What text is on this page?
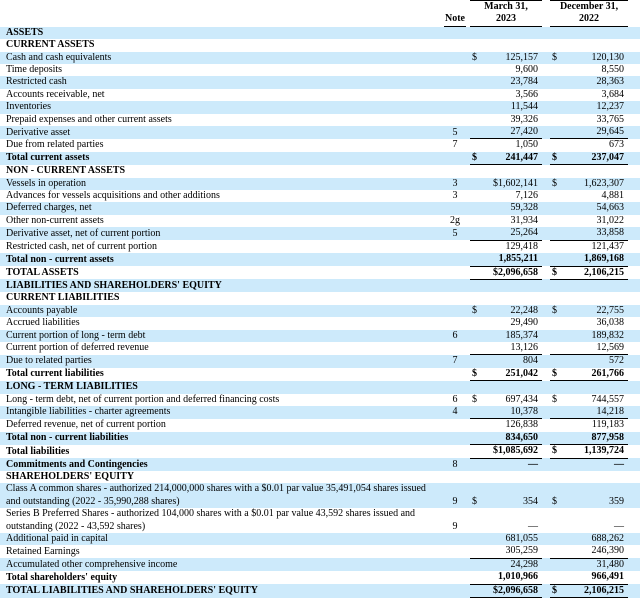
		March 31,			December 31,		
	Note	2023			2022		

ASSETS							
CURRENT ASSETS							
Cash and cash equivalents		$	125,157		$	120,130	
Time deposits			9,600			8,550	
Restricted cash			23,784			28,363	
Accounts receivable, net			3,566			3,684	
Inventories			11,544			12,237	
Prepaid expenses and other current assets			39,326			33,765	
Derivative asset	5		27,420			29,645	
Due from related parties	7		1,050			673	
Total current assets		$	241,447		$	237,047	
NON - CURRENT ASSETS							
Vessels in operation	3		$1,602,141		$	1,623,307	
Advances for vessels acquisitions and other additions	3		7,126			4,881	
Deferred charges, net			59,328			54,663	
Other non-current assets	2g		31,934			31,022	
Derivative asset, net of current portion	5		25,264			33,858	
Restricted cash, net of current portion			129,418			121,437	
Total non - current assets			1,855,211			1,869,168	
TOTAL ASSETS			$2,096,658		$	2,106,215	
LIABILITIES AND SHAREHOLDERS' EQUITY							
CURRENT LIABILITIES							
Accounts payable		$	22,248		$	22,755	
Accrued liabilities			29,490			36,038	
Current portion of long - term debt	6		185,374			189,832	
Current portion of deferred revenue			13,126			12,569	
Due to related parties	7		804			572	
Total current liabilities		$	251,042		$	261,766	
LONG - TERM LIABILITIES							
Long - term debt, net of current portion and deferred financing costs	6	$	697,434		$	744,557	
Intangible liabilities - charter agreements	4		10,378			14,218	
Deferred revenue, net of current portion			126,838			119,183	
Total non - current liabilities			834,650			877,958	
Total liabilities			$1,085,692		$	1,139,724	
Commitments and Contingencies	8		—			—	
SHAREHOLDERS' EQUITY							
Class A common shares - authorized 214,000,000 shares with a $0.01 par value 35,491,054 shares issued and outstanding (2022 - 35,990,288 shares)	9	$	354		$	359	
Series B Preferred Shares - authorized 104,000 shares with a $0.01 par value 43,592 shares issued and outstanding (2022 - 43,592 shares)	9		—			—	
Additional paid in capital			681,055			688,262	
Retained Earnings			305,259			246,390	
Accumulated other comprehensive income			24,298			31,480	
Total shareholders' equity			1,010,966			966,491	
TOTAL LIABILITIES AND SHAREHOLDERS' EQUITY			$2,096,658		$	2,106,215	
